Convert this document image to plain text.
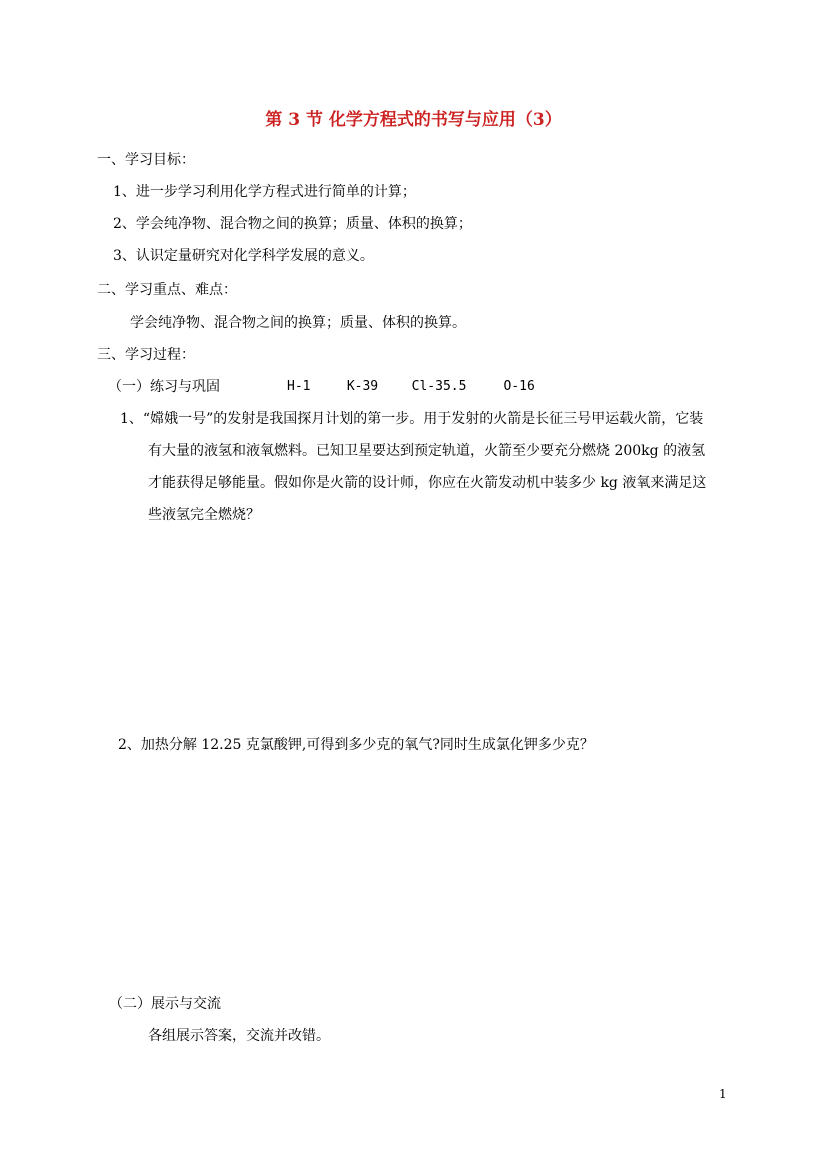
第 3 节 化学方程式的书写与应用（3）
一、学习目标：
1、进一步学习利用化学方程式进行简单的计算；
2、学会纯净物、混合物之间的换算；质量、体积的换算；
3、认识定量研究对化学科学发展的意义。
二、学习重点、难点：
学会纯净物、混合物之间的换算；质量、体积的换算。
三、学习过程：
（一）练习与巩固	H-1	K-39	Cl-35.5	O-16
1、“嫦娥一号”的发射是我国探月计划的第一步。用于发射的火箭是长征三号甲运载火箭，它装
有大量的液氢和液氧燃料。已知卫星要达到预定轨道，火箭至少要充分燃烧 200kg 的液氢
才能获得足够能量。假如你是火箭的设计师，你应在火箭发动机中装多少 kg 液氧来满足这
些液氢完全燃烧？
2、加热分解 12.25 克氯酸钾,可得到多少克的氧气?同时生成氯化钾多少克？
（二）展示与交流
各组展示答案，交流并改错。
1
